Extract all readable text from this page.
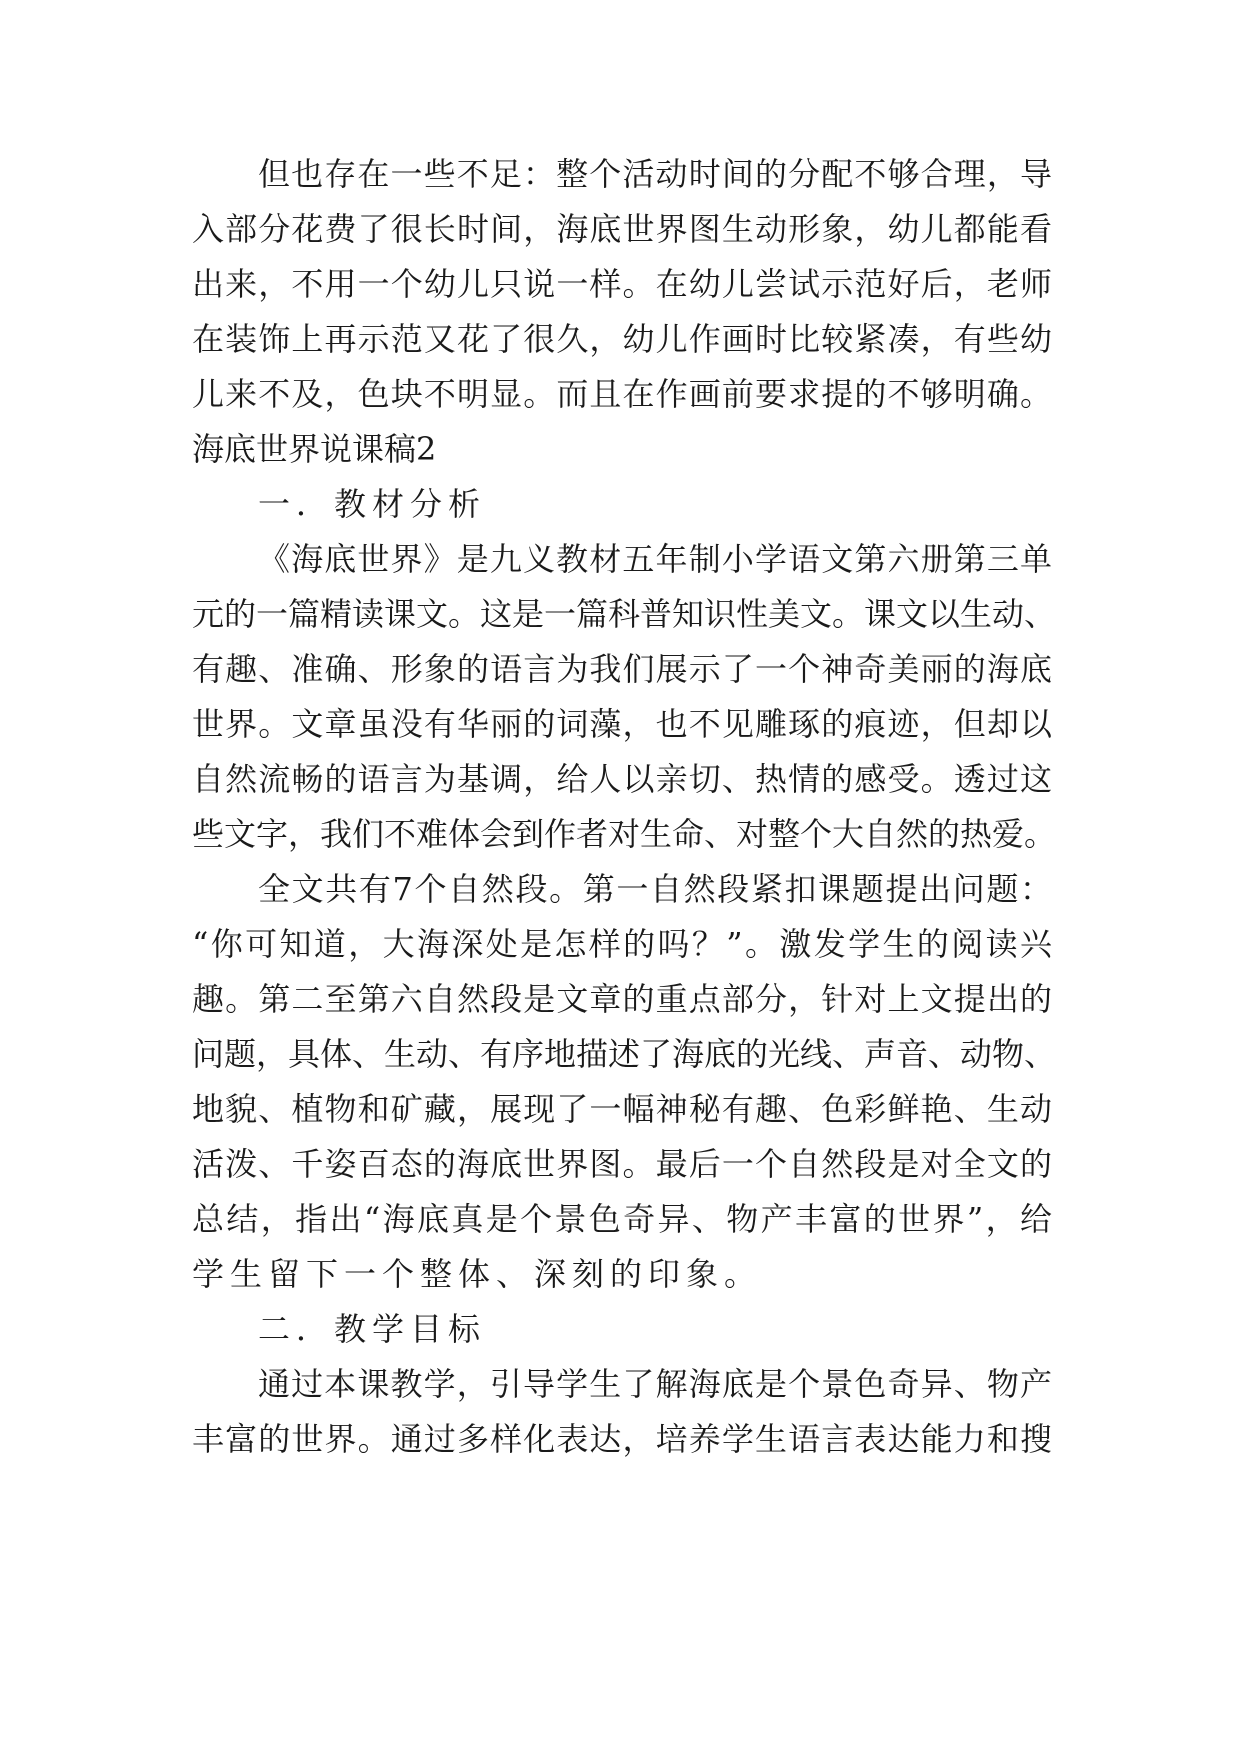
但也存在一些不足：整个活动时间的分配不够合理，导
入部分花费了很长时间，海底世界图生动形象，幼儿都能看
出来，不用一个幼儿只说一样。在幼儿尝试示范好后，老师
在装饰上再示范又花了很久，幼儿作画时比较紧凑，有些幼
儿来不及，色块不明显。而且在作画前要求提的不够明确。
海底世界说课稿2
一．教材分析
《海底世界》是九义教材五年制小学语文第六册第三单
元的一篇精读课文。这是一篇科普知识性美文。课文以生动、
有趣、准确、形象的语言为我们展示了一个神奇美丽的海底
世界。文章虽没有华丽的词藻，也不见雕琢的痕迹，但却以
自然流畅的语言为基调，给人以亲切、热情的感受。透过这
些文字，我们不难体会到作者对生命、对整个大自然的热爱。
全文共有7个自然段。第一自然段紧扣课题提出问题：
“你可知道，大海深处是怎样的吗？”。激发学生的阅读兴
趣。第二至第六自然段是文章的重点部分，针对上文提出的
问题，具体、生动、有序地描述了海底的光线、声音、动物、
地貌、植物和矿藏，展现了一幅神秘有趣、色彩鲜艳、生动
活泼、千姿百态的海底世界图。最后一个自然段是对全文的
总结，指出“海底真是个景色奇异、物产丰富的世界”，给
学生留下一个整体、深刻的印象。
二．教学目标
通过本课教学，引导学生了解海底是个景色奇异、物产
丰富的世界。通过多样化表达，培养学生语言表达能力和搜
